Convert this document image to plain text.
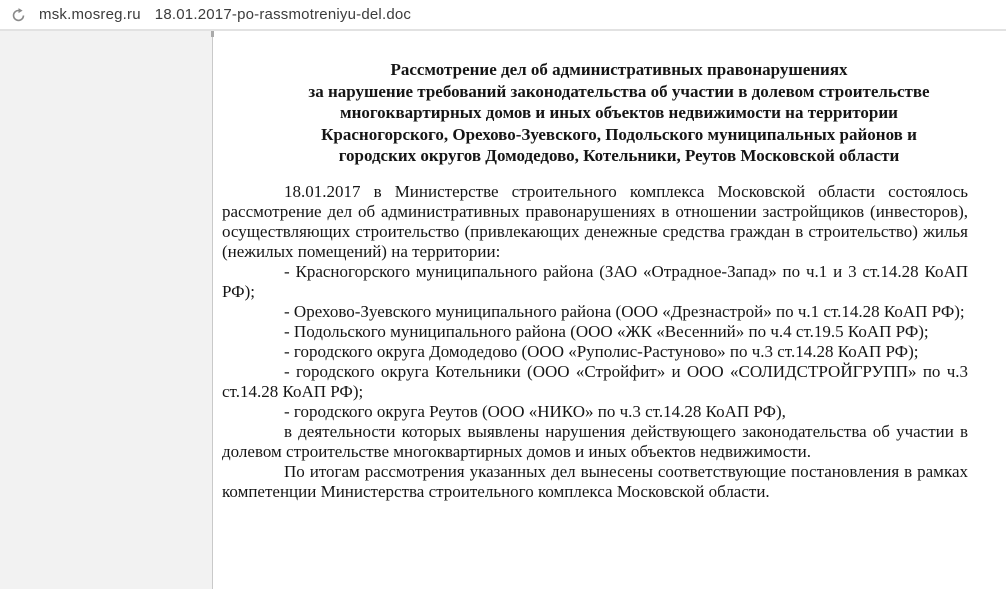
msk.mosreg.ru 18.01.2017-po-rassmotreniyu-del.doc
Рассмотрение дел об административных правонарушениях
за нарушение требований законодательства об участии в долевом строительстве
многоквартирных домов и иных объектов недвижимости на территории
Красногорского, Орехово-Зуевского, Подольского муниципальных районов и
городских округов Домодедово, Котельники, Реутов Московской области

18.01.2017 в Министерстве строительного комплекса Московской области состоялось рассмотрение дел об административных правонарушениях в отношении застройщиков (инвесторов), осуществляющих строительство (привлекающих денежные средства граждан в строительство) жилья (нежилых помещений) на территории:

- Красногорского муниципального района (ЗАО «Отрадное-Запад» по ч.1 и 3 ст.14.28 КоАП РФ);

- Орехово-Зуевского муниципального района (ООО «Дрезнастрой» по ч.1 ст.14.28 КоАП РФ);

- Подольского муниципального района (ООО «ЖК «Весенний» по ч.4 ст.19.5 КоАП РФ);

- городского округа Домодедово (ООО «Руполис-Растуново» по ч.3 ст.14.28 КоАП РФ);

- городского округа Котельники (ООО «Стройфит» и ООО «СОЛИДСТРОЙГРУПП» по ч.3 ст.14.28 КоАП РФ);

- городского округа Реутов (ООО «НИКО» по ч.3 ст.14.28 КоАП РФ),

в деятельности которых выявлены нарушения действующего законодательства об участии в долевом строительстве многоквартирных домов и иных объектов недвижимости.

По итогам рассмотрения указанных дел вынесены соответствующие постановления в рамках компетенции Министерства строительного комплекса Московской области.
